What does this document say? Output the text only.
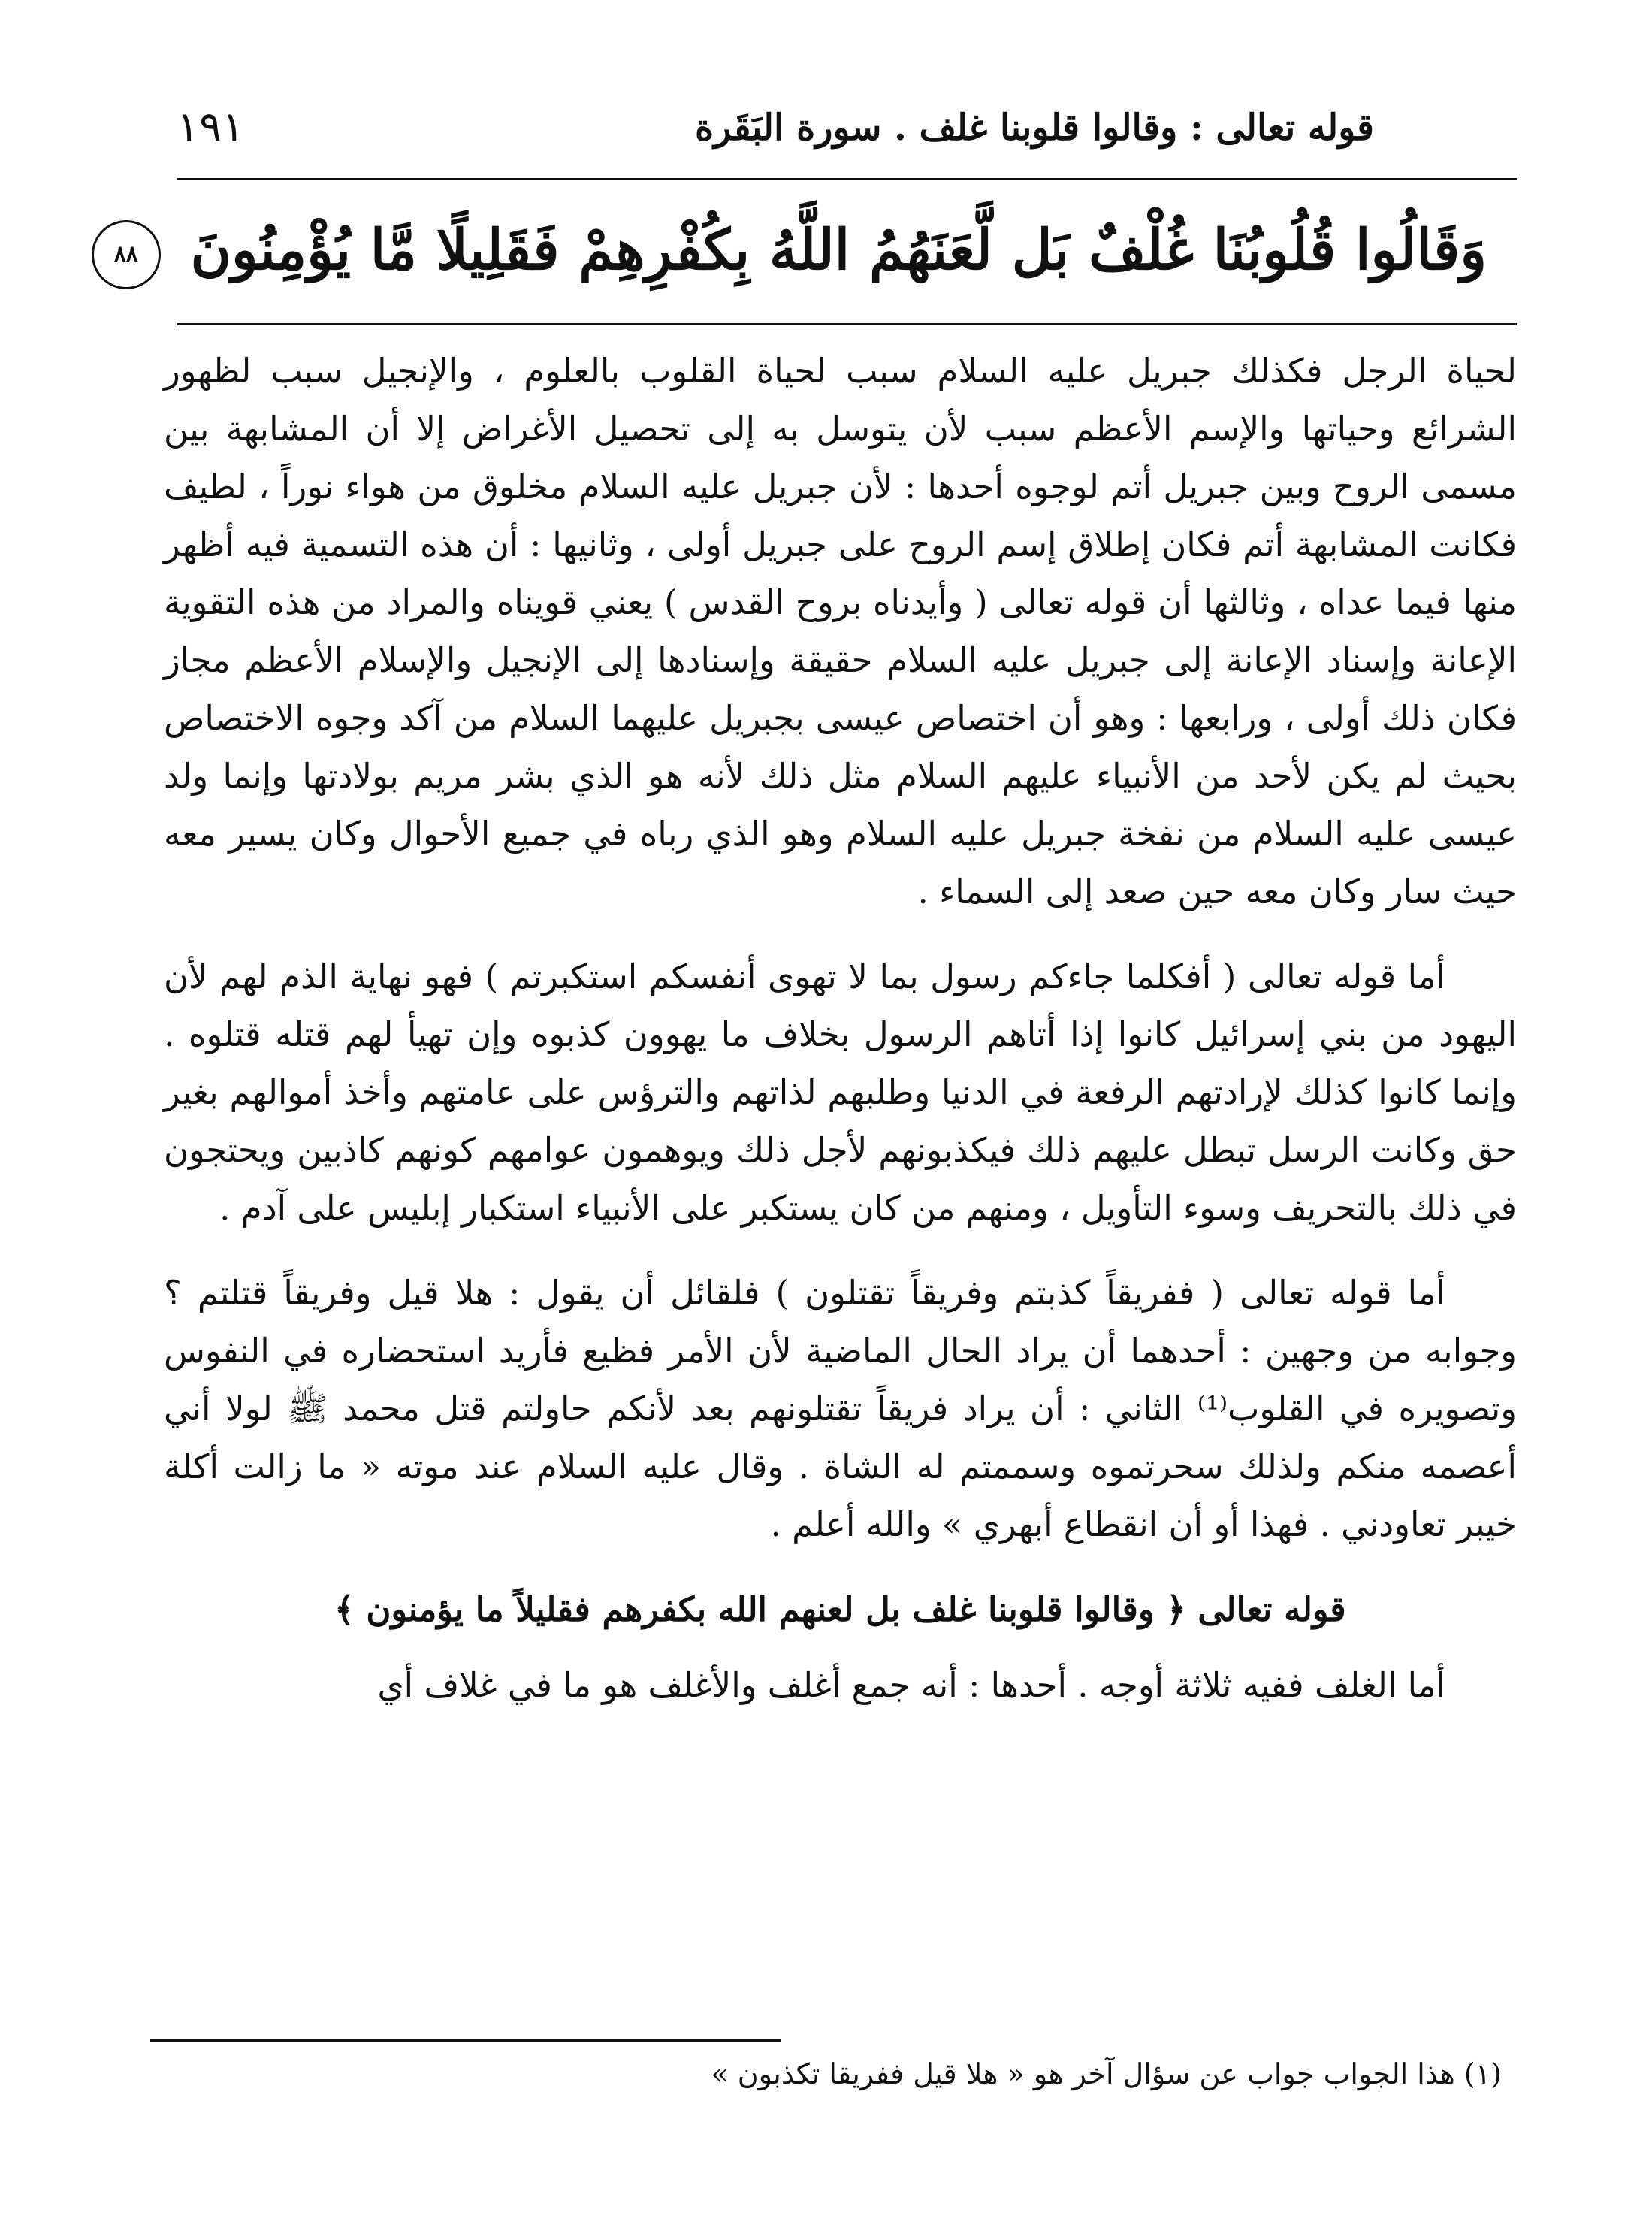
١٩١	قوله تعالى : وقالوا قلوبنا غلف . سورة البَقَرة
وَقَالُوا قُلُوبُنَا غُلْفٌ بَل لَّعَنَهُمُ اللَّهُ بِكُفْرِهِمْ فَقَلِيلًا مَّا يُؤْمِنُونَ ٨٨

لحياة الرجل فكذلك جبريل عليه السلام سبب لحياة القلوب بالعلوم ، والإنجيل سبب لظهور الشرائع وحياتها والإسم الأعظم سبب لأن يتوسل به إلى تحصيل الأغراض إلا أن المشابهة بين مسمى الروح وبين جبريل أتم لوجوه أحدها : لأن جبريل عليه السلام مخلوق من هواء نوراً ، لطيف فكانت المشابهة أتم فكان إطلاق إسم الروح على جبريل أولى ، وثانيها : أن هذه التسمية فيه أظهر منها فيما عداه ، وثالثها أن قوله تعالى ( وأيدناه بروح القدس ) يعني قويناه والمراد من هذه التقوية الإعانة وإسناد الإعانة إلى جبريل عليه السلام حقيقة وإسنادها إلى الإنجيل والإسلام الأعظم مجاز فكان ذلك أولى ، ورابعها : وهو أن اختصاص عيسى بجبريل عليهما السلام من آكد وجوه الاختصاص بحيث لم يكن لأحد من الأنبياء عليهم السلام مثل ذلك لأنه هو الذي بشر مريم بولادتها وإنما ولد عيسى عليه السلام من نفخة جبريل عليه السلام وهو الذي رباه في جميع الأحوال وكان يسير معه حيث سار وكان معه حين صعد إلى السماء .

أما قوله تعالى ( أفكلما جاءكم رسول بما لا تهوى أنفسكم استكبرتم ) فهو نهاية الذم لهم لأن اليهود من بني إسرائيل كانوا إذا أتاهم الرسول بخلاف ما يهوون كذبوه وإن تهيأ لهم قتله قتلوه . وإنما كانوا كذلك لإرادتهم الرفعة في الدنيا وطلبهم لذاتهم والترؤس على عامتهم وأخذ أموالهم بغير حق وكانت الرسل تبطل عليهم ذلك فيكذبونهم لأجل ذلك ويوهمون عوامهم كونهم كاذبين ويحتجون في ذلك بالتحريف وسوء التأويل ، ومنهم من كان يستكبر على الأنبياء استكبار إبليس على آدم .

أما قوله تعالى ( ففريقاً كذبتم وفريقاً تقتلون ) فلقائل أن يقول : هلا قيل وفريقاً قتلتم ؟ وجوابه من وجهين : أحدهما أن يراد الحال الماضية لأن الأمر فظيع فأريد استحضاره في النفوس وتصويره في القلوب⁽¹⁾ الثاني : أن يراد فريقاً تقتلونهم بعد لأنكم حاولتم قتل محمد ﷺ لولا أني أعصمه منكم ولذلك سحرتموه وسممتم له الشاة . وقال عليه السلام عند موته « ما زالت أكلة خيبر تعاودني . فهذا أو أن انقطاع أبهري » والله أعلم .

قوله تعالى ﴿ وقالوا قلوبنا غلف بل لعنهم الله بكفرهم فقليلاً ما يؤمنون ﴾

أما الغلف ففيه ثلاثة أوجه . أحدها : أنه جمع أغلف والأغلف هو ما في غلاف أي

(١) هذا الجواب جواب عن سؤال آخر هو « هلا قيل ففريقا تكذبون »
